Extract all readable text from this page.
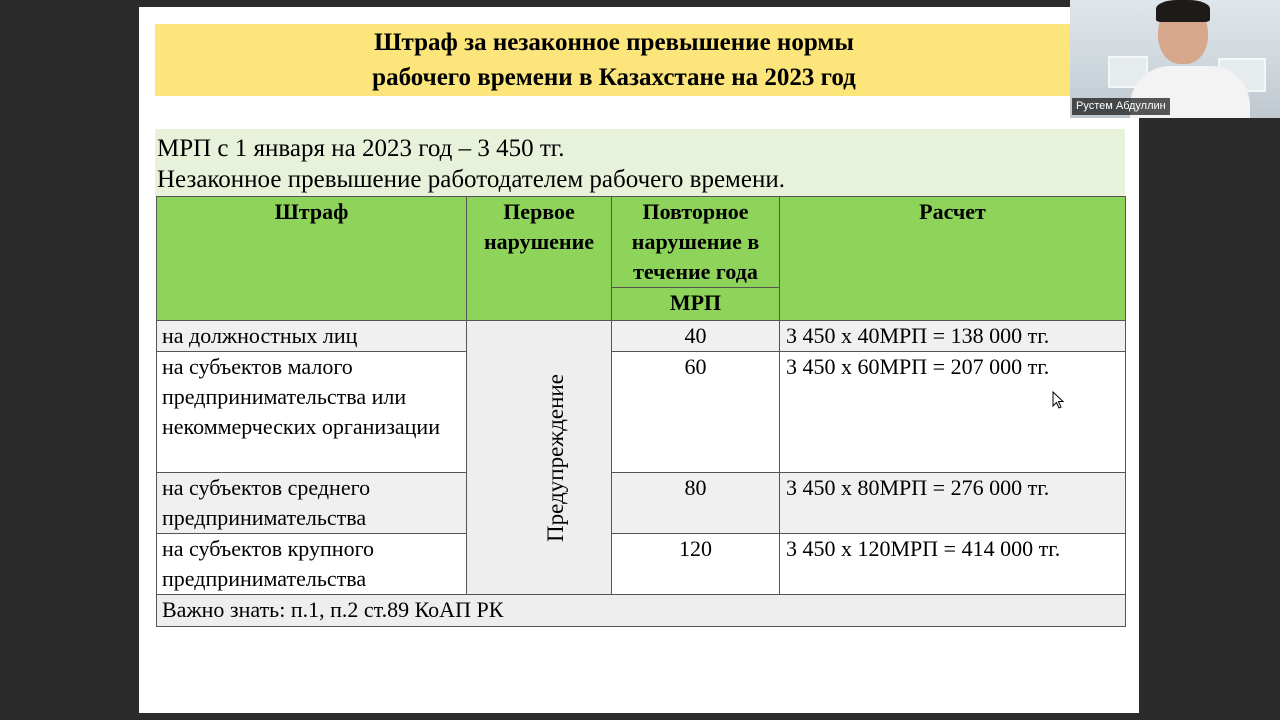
Штраф за незаконное превышение нормы
рабочего времени в Казахстане на 2023 год
МРП с 1 января на 2023 год – 3 450 тг.
Незаконное превышение работодателем рабочего времени.
Штраф	Первое нарушение	Повторное нарушение в течение года	Расчет
		МРП	
на должностных лиц	Предупреждение	40	3 450 x 40МРП = 138 000 тг.
на субъектов малого предпринимательства или некоммерческих организации		60	3 450 x 60МРП = 207 000 тг.
на субъектов среднего предпринимательства		80	3 450 x 80МРП = 276 000 тг.
на субъектов крупного предпринимательства		120	3 450 x 120МРП = 414 000 тг.
Важно знать: п.1, п.2 ст.89 КоАП РК			
Рустем Абдуллин
